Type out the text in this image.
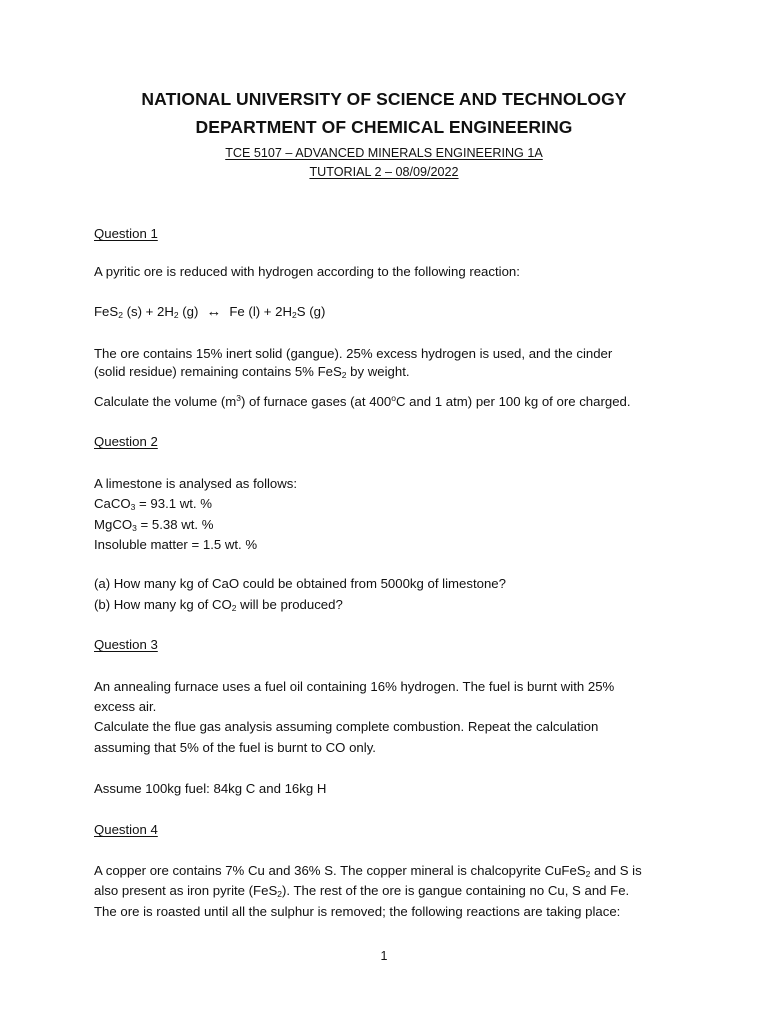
NATIONAL UNIVERSITY OF SCIENCE AND TECHNOLOGY
DEPARTMENT OF CHEMICAL ENGINEERING
TCE 5107 – ADVANCED MINERALS ENGINEERING 1A
TUTORIAL 2 – 08/09/2022
Question 1
A pyritic ore is reduced with hydrogen according to the following reaction:
FeS$_2$ $(s) + 2H_2$ (g) ↔ Fe $(l) + 2H_2S$ (g)
The ore contains 15% inert solid (gangue). 25% excess hydrogen is used, and the cinder
(solid residue) remaining contains 5% FeS$_2$ by weight.
Calculate the volume $(m^3)$ of furnace gases (at 400$^o$C and 1 atm) per 100 kg of ore charged.
Question 2
A limestone is analysed as follows:
CaCO$_3$ = 93.1 wt. %
MgCO$_3$ = 5.38 wt. %
Insoluble matter = 1.5 wt. %
(a) How many kg of CaO could be obtained from 5000kg of limestone?
(b) How many kg of $CO_2$ will be produced?
Question 3
An annealing furnace uses a fuel oil containing 16% hydrogen. The fuel is burnt with 25%
excess air.
Calculate the flue gas analysis assuming complete combustion. Repeat the calculation
assuming that 5% of the fuel is burnt to CO only.
Assume 100kg fuel: 84kg C and 16kg H
Question 4
A copper ore contains 7% Cu and 36% S. The copper mineral is chalcopyrite CuFeS$_2$ and S is
also present as iron pyrite (FeS$_2$). The rest of the ore is gangue containing no Cu, S and Fe.
The ore is roasted until all the sulphur is removed; the following reactions are taking place:
1
